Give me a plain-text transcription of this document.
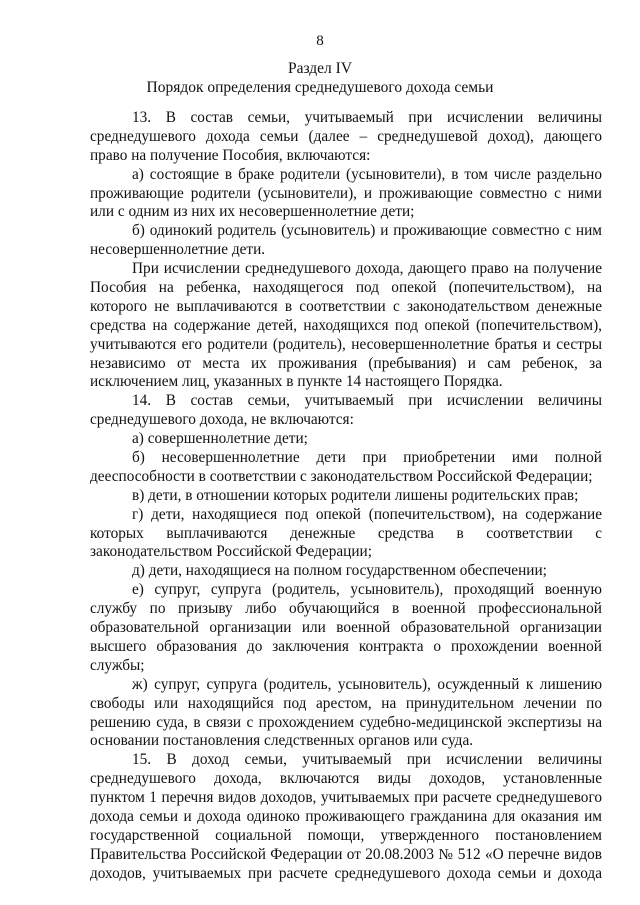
8
Раздел IV
Порядок определения среднедушевого дохода семьи
13. В состав семьи, учитываемый при исчислении величины
среднедушевого дохода семьи (далее – среднедушевой доход), дающего
право на получение Пособия, включаются:
а) состоящие в браке родители (усыновители), в том числе раздельно
проживающие родители (усыновители), и проживающие совместно с ними
или с одним из них их несовершеннолетние дети;
б) одинокий родитель (усыновитель) и проживающие совместно с ним
несовершеннолетние дети.
При исчислении среднедушевого дохода, дающего право на получение
Пособия на ребенка, находящегося под опекой (попечительством), на
которого не выплачиваются в соответствии с законодательством денежные
средства на содержание детей, находящихся под опекой (попечительством),
учитываются его родители (родитель), несовершеннолетние братья и сестры
независимо от места их проживания (пребывания) и сам ребенок, за
исключением лиц, указанных в пункте 14 настоящего Порядка.
14. В состав семьи, учитываемый при исчислении величины
среднедушевого дохода, не включаются:
а) совершеннолетние дети;
б) несовершеннолетние дети при приобретении ими полной
дееспособности в соответствии с законодательством Российской Федерации;
в) дети, в отношении которых родители лишены родительских прав;
г) дети, находящиеся под опекой (попечительством), на содержание
которых выплачиваются денежные средства в соответствии с
законодательством Российской Федерации;
д) дети, находящиеся на полном государственном обеспечении;
е) супруг, супруга (родитель, усыновитель), проходящий военную
службу по призыву либо обучающийся в военной профессиональной
образовательной организации или военной образовательной организации
высшего образования до заключения контракта о прохождении военной
службы;
ж) супруг, супруга (родитель, усыновитель), осужденный к лишению
свободы или находящийся под арестом, на принудительном лечении по
решению суда, в связи с прохождением судебно-медицинской экспертизы на
основании постановления следственных органов или суда.
15. В доход семьи, учитываемый при исчислении величины
среднедушевого дохода, включаются виды доходов, установленные
пунктом 1 перечня видов доходов, учитываемых при расчете среднедушевого
дохода семьи и дохода одиноко проживающего гражданина для оказания им
государственной социальной помощи, утвержденного постановлением
Правительства Российской Федерации от 20.08.2003 № 512 «О перечне видов
доходов, учитываемых при расчете среднедушевого дохода семьи и дохода
